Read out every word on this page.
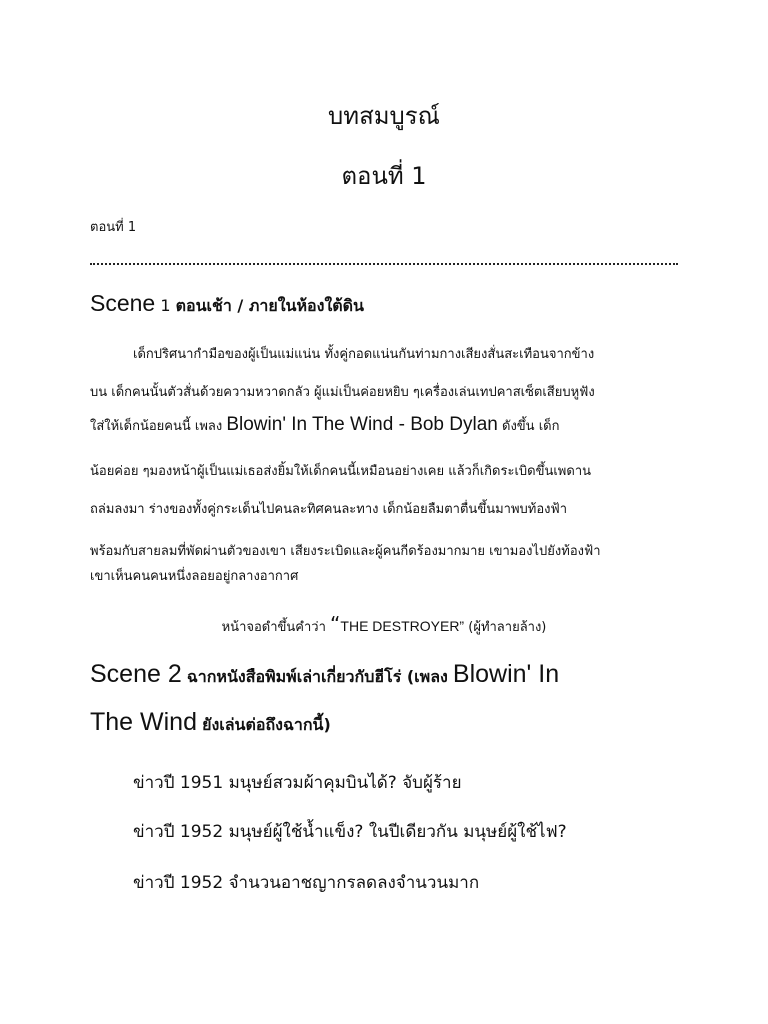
บทสมบูรณ์
ตอนที่ 1
ตอนที่ 1
Scene 1 ตอนเช้า / ภายในห้องใต้ดิน
เด็กปริศนากำมือของผู้เป็นแม่แน่น ทั้งคู่กอดแน่นกันท่ามกางเสียงสั่นสะเทือนจากข้าง
บน เด็กคนนั้นตัวสั่นด้วยความหวาดกลัว ผู้แม่เป็นค่อยหยิบ ๆเครื่องเล่นเทปคาสเซ็ตเสียบหูฟัง
ใส่ให้เด็กน้อยคนนี้ เพลง Blowin' In The Wind - Bob Dylan ดังขึ้น เด็ก
น้อยค่อย ๆมองหน้าผู้เป็นแม่เธอส่งยิ้มให้เด็กคนนี้เหมือนอย่างเคย แล้วก็เกิดระเบิดขึ้นเพดาน
ถล่มลงมา ร่างของทั้งคู่กระเด็นไปคนละทิศคนละทาง เด็กน้อยลืมตาตื่นขึ้นมาพบท้องฟ้า
พร้อมกับสายลมที่พัดผ่านตัวของเขา เสียงระเบิดและผู้คนกีดร้องมากมาย เขามองไปยังท้องฟ้า
เขาเห็นคนคนหนึ่งลอยอยู่กลางอากาศ
หน้าจอดำขึ้นคำว่า “THE DESTROYER” (ผู้ทำลายล้าง)
Scene 2 ฉากหนังสือพิมพ์เล่าเกี่ยวกับฮีโร่ (เพลง Blowin' In
The Wind ยังเล่นต่อถึงฉากนี้)
ข่าวปี 1951 มนุษย์สวมผ้าคุมบินได้? จับผู้ร้าย
ข่าวปี 1952 มนุษย์ผู้ใช้น้ำแข็ง? ในปีเดียวกัน มนุษย์ผู้ใช้ไฟ?
ข่าวปี 1952 จำนวนอาชญากรลดลงจำนวนมาก
